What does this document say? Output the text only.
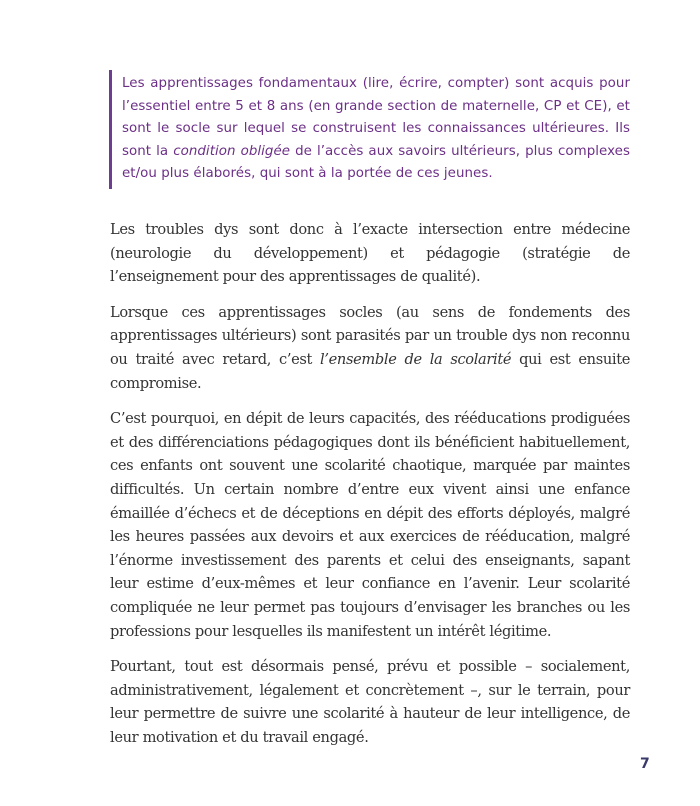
Les apprentissages fondamentaux (lire, écrire, compter) sont acquis pour l’essentiel entre 5 et 8 ans (en grande section de maternelle, CP et CE), et sont le socle sur lequel se construisent les connaissances ultérieures. Ils sont la condition obligée de l’accès aux savoirs ultérieurs, plus complexes et/ou plus élaborés, qui sont à la portée de ces jeunes.

Les troubles dys sont donc à l’exacte intersection entre médecine (neurologie du développement) et pédagogie (stratégie de l’enseignement pour des apprentissages de qualité).

Lorsque ces apprentissages socles (au sens de fondements des apprentissages ultérieurs) sont parasités par un trouble dys non reconnu ou traité avec retard, c’est l’ensemble de la scolarité qui est ensuite compromise.

C’est pourquoi, en dépit de leurs capacités, des rééducations prodiguées et des différenciations pédagogiques dont ils bénéficient habituellement, ces enfants ont souvent une scolarité chaotique, marquée par maintes difficultés. Un certain nombre d’entre eux vivent ainsi une enfance émaillée d’échecs et de déceptions en dépit des efforts déployés, malgré les heures passées aux devoirs et aux exercices de rééducation, malgré l’énorme investissement des parents et celui des enseignants, sapant leur estime d’eux-mêmes et leur confiance en l’avenir. Leur scolarité compliquée ne leur permet pas toujours d’envisager les branches ou les professions pour lesquelles ils manifestent un intérêt légitime.

Pourtant, tout est désormais pensé, prévu et possible – socialement, administrativement, légalement et concrètement –, sur le terrain, pour leur permettre de suivre une scolarité à hauteur de leur intelligence, de leur motivation et du travail engagé.

7
